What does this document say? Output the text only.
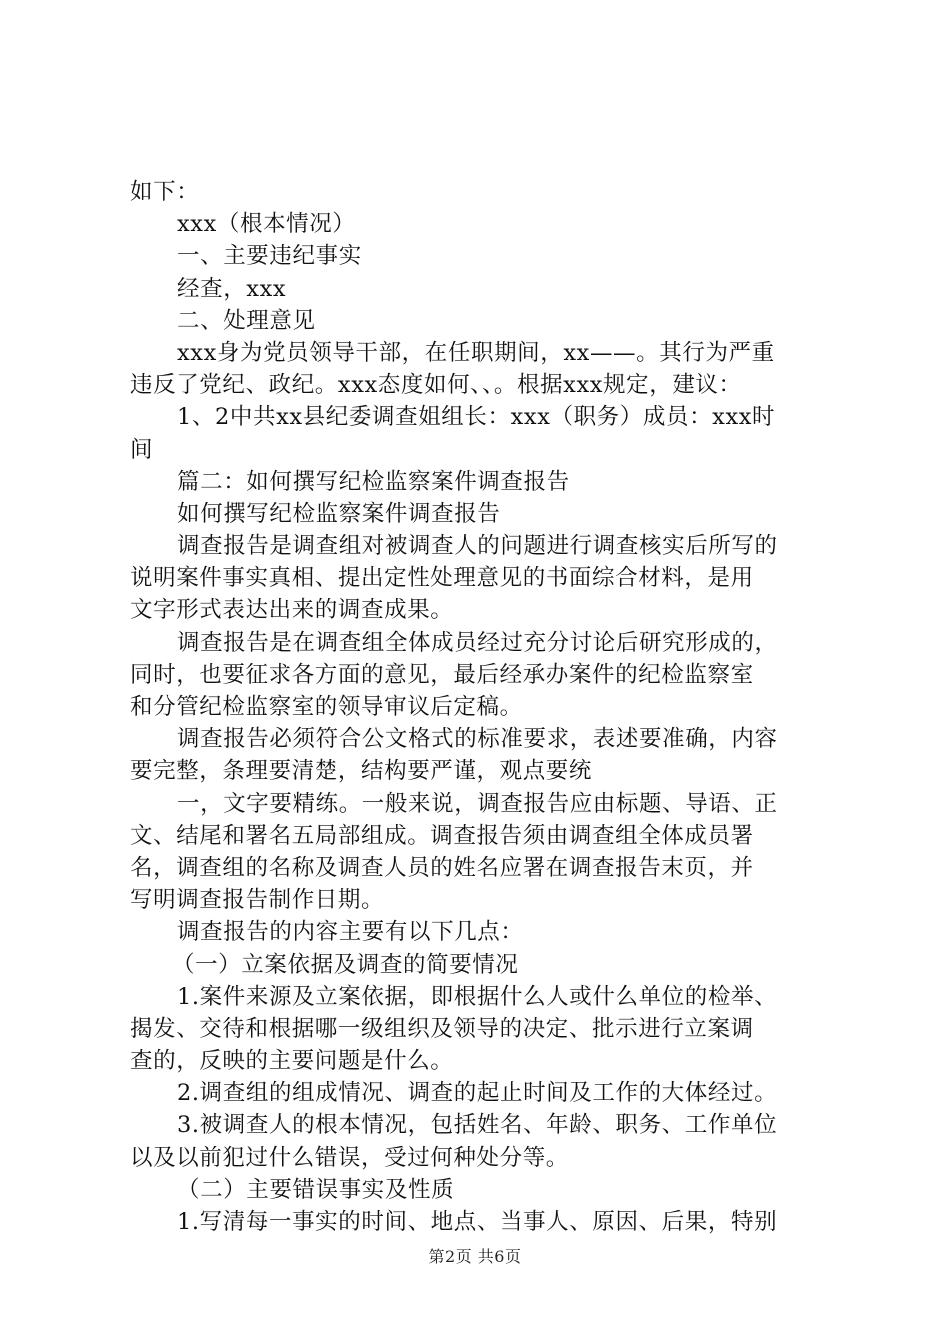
如下：
xxx（根本情况）
一、主要违纪事实
经查，xxx
二、处理意见
xxx身为党员领导干部，在任职期间，xx——。其行为严重
违反了党纪、政纪。xxx态度如何、、。根据xxx规定，建议：
1、2中共xx县纪委调查姐组长：xxx（职务）成员：xxx时
间
篇二：如何撰写纪检监察案件调查报告
如何撰写纪检监察案件调查报告
调查报告是调查组对被调查人的问题进行调查核实后所写的
说明案件事实真相、提出定性处理意见的书面综合材料，是用
文字形式表达出来的调查成果。
调查报告是在调查组全体成员经过充分讨论后研究形成的，
同时，也要征求各方面的意见，最后经承办案件的纪检监察室
和分管纪检监察室的领导审议后定稿。
调查报告必须符合公文格式的标准要求，表述要准确，内容
要完整，条理要清楚，结构要严谨，观点要统
一，文字要精练。一般来说，调查报告应由标题、导语、正
文、结尾和署名五局部组成。调查报告须由调查组全体成员署
名，调查组的名称及调查人员的姓名应署在调查报告末页，并
写明调查报告制作日期。
调查报告的内容主要有以下几点：
（一）立案依据及调查的简要情况
1.案件来源及立案依据，即根据什么人或什么单位的检举、
揭发、交待和根据哪一级组织及领导的决定、批示进行立案调
查的，反映的主要问题是什么。
2.调查组的组成情况、调查的起止时间及工作的大体经过。
3.被调查人的根本情况，包括姓名、年龄、职务、工作单位
以及以前犯过什么错误，受过何种处分等。
（二）主要错误事实及性质
1.写清每一事实的时间、地点、当事人、原因、后果，特别
第2页 共6页
